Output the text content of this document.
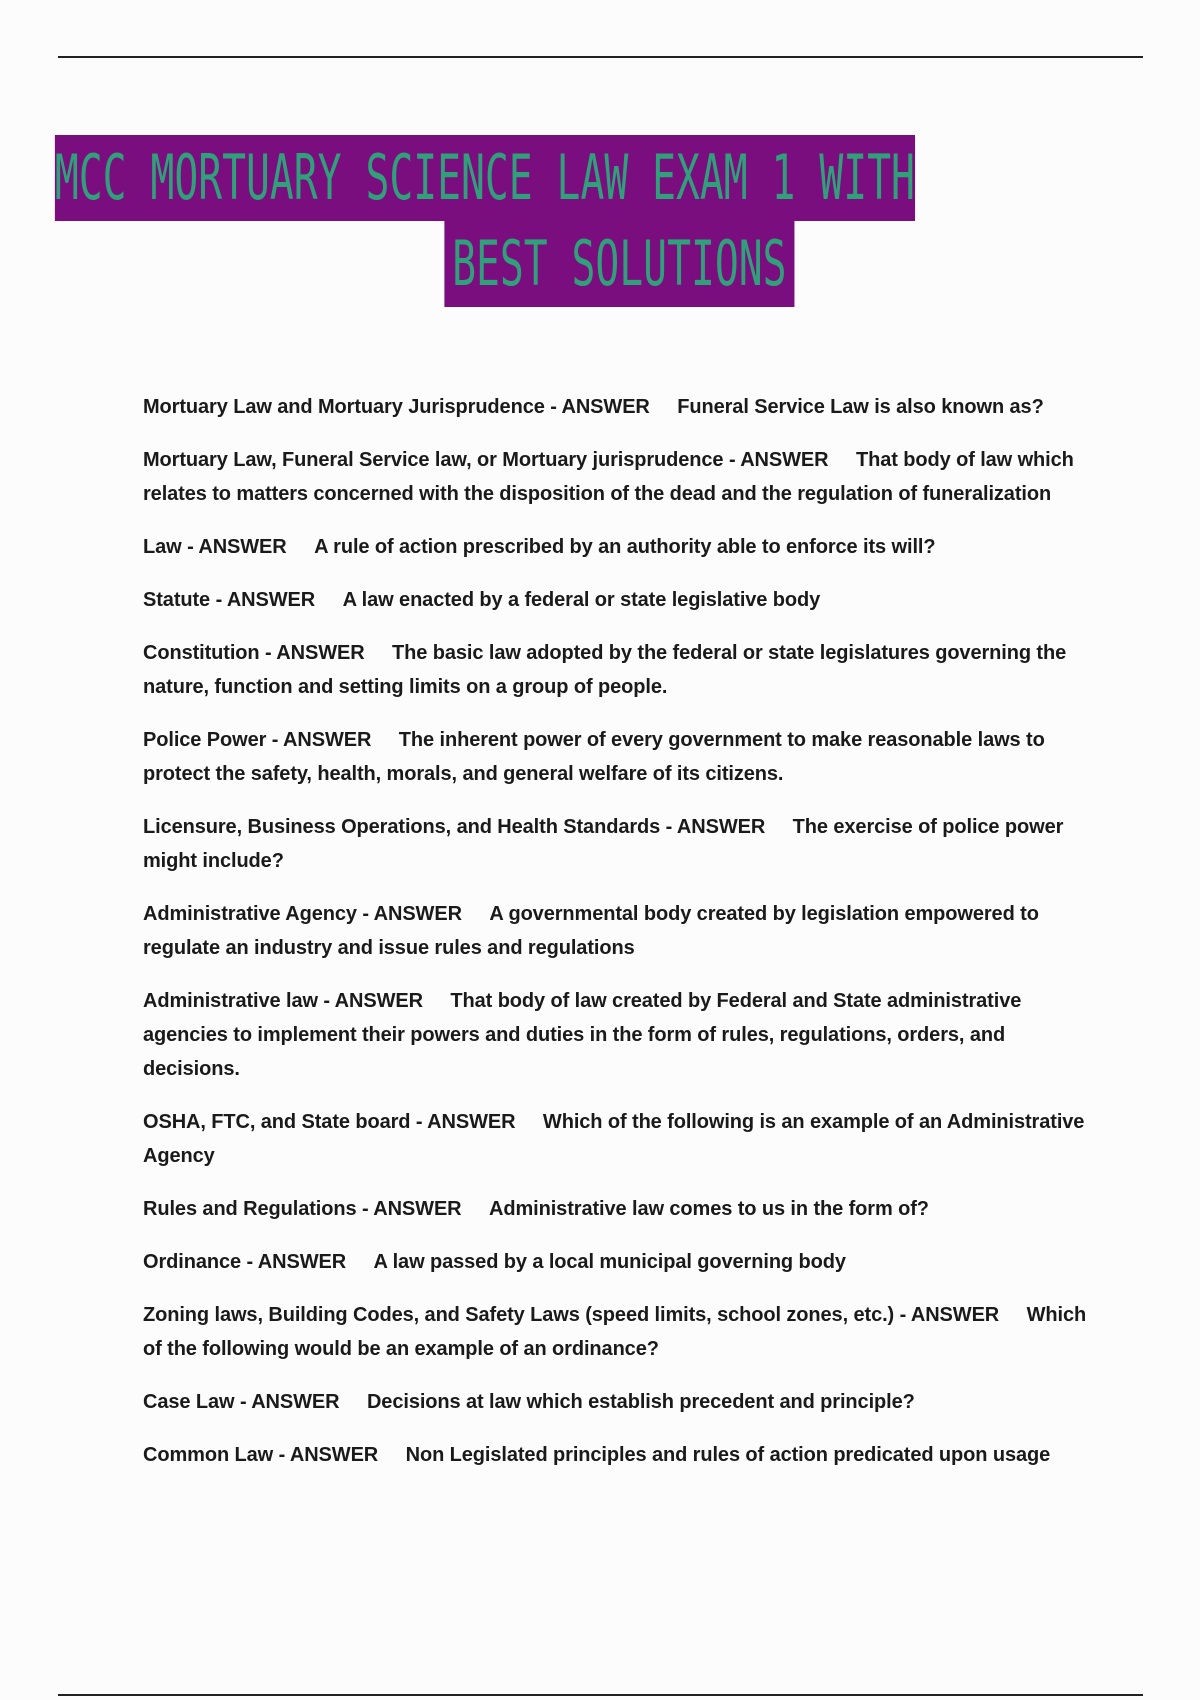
MCC MORTUARY SCIENCE LAW EXAM 1 WITH
BEST SOLUTIONS

Mortuary Law and Mortuary Jurisprudence - ANSWER Funeral Service Law is also known as?

Mortuary Law, Funeral Service law, or Mortuary jurisprudence - ANSWER That body of law which relates to matters concerned with the disposition of the dead and the regulation of funeralization

Law - ANSWER A rule of action prescribed by an authority able to enforce its will?

Statute - ANSWER A law enacted by a federal or state legislative body

Constitution - ANSWER The basic law adopted by the federal or state legislatures governing the nature, function and setting limits on a group of people.

Police Power - ANSWER The inherent power of every government to make reasonable laws to protect the safety, health, morals, and general welfare of its citizens.

Licensure, Business Operations, and Health Standards - ANSWER The exercise of police power might include?

Administrative Agency - ANSWER A governmental body created by legislation empowered to regulate an industry and issue rules and regulations

Administrative law - ANSWER That body of law created by Federal and State administrative agencies to implement their powers and duties in the form of rules, regulations, orders, and decisions.

OSHA, FTC, and State board - ANSWER Which of the following is an example of an Administrative Agency

Rules and Regulations - ANSWER Administrative law comes to us in the form of?

Ordinance - ANSWER A law passed by a local municipal governing body

Zoning laws, Building Codes, and Safety Laws (speed limits, school zones, etc.) - ANSWER Which of the following would be an example of an ordinance?

Case Law - ANSWER Decisions at law which establish precedent and principle?

Common Law - ANSWER Non Legislated principles and rules of action predicated upon usage
